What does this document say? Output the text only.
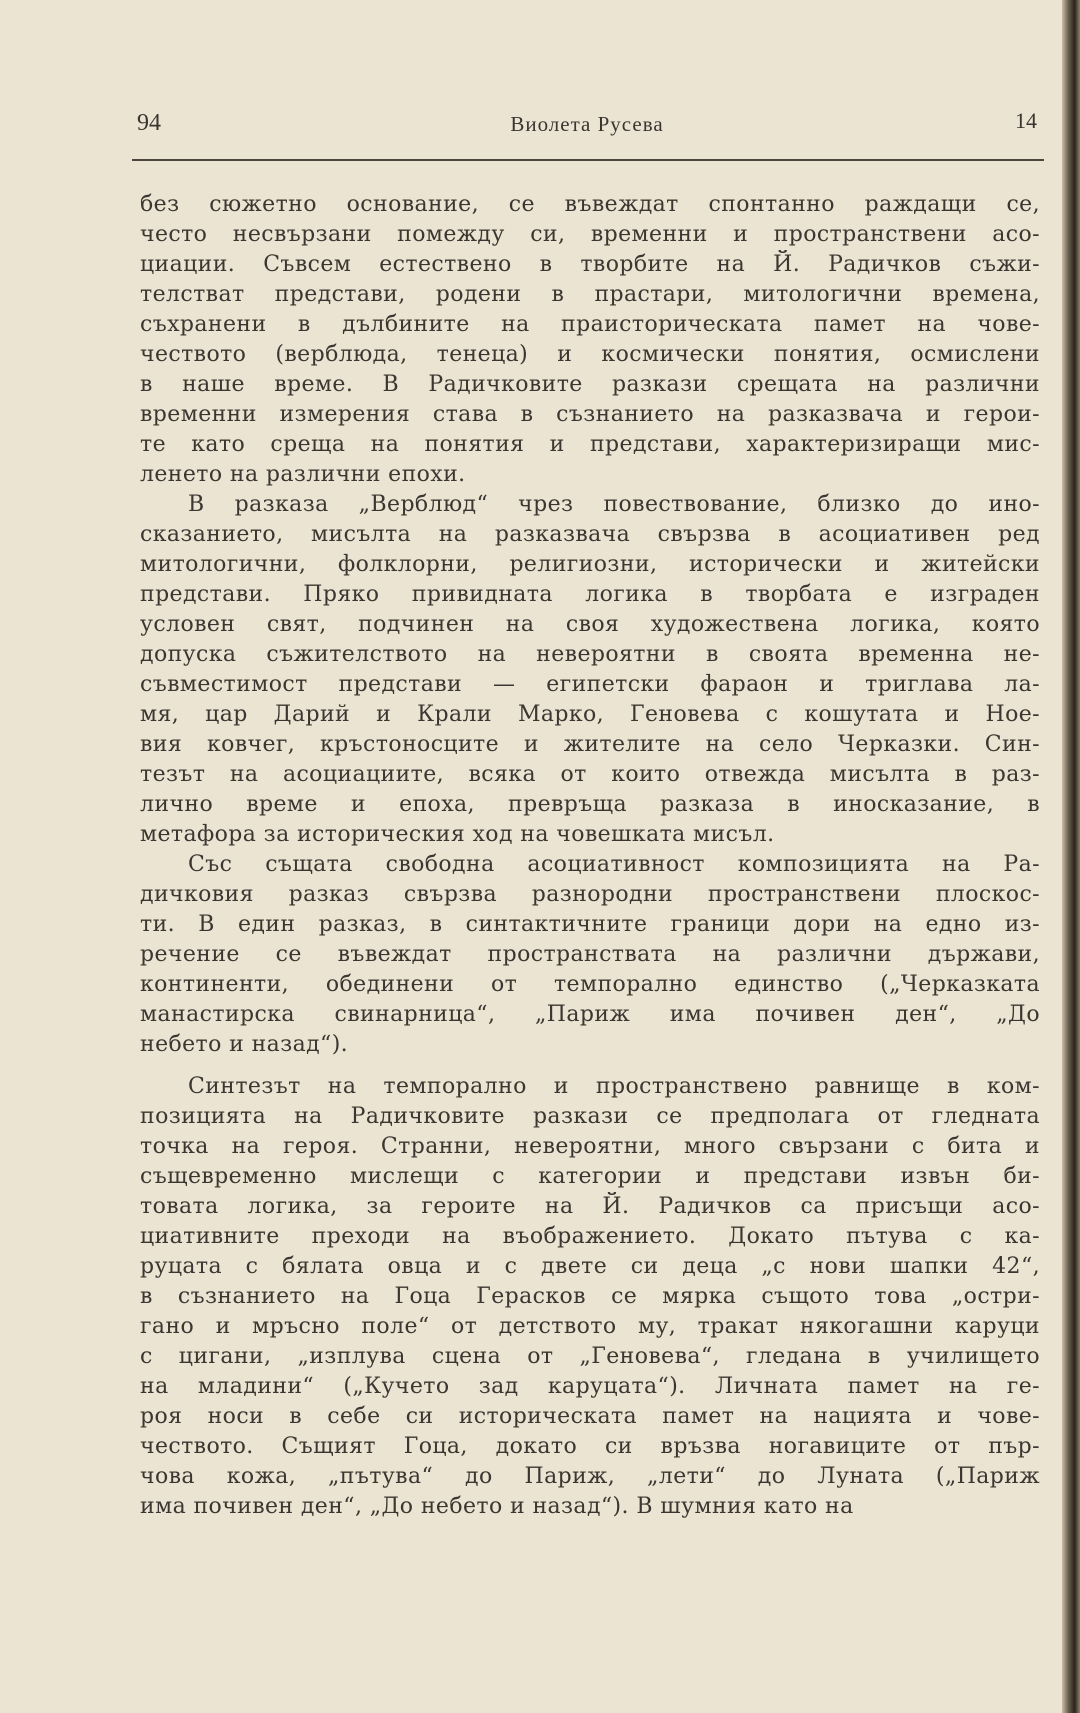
94	Виолета Русева	14
без сюжетно основание, се въвеждат спонтанно раждащи се,
често несвързани помежду си, временни и пространствени асо-
циации. Съвсем естествено в творбите на Й. Радичков съжи-
телстват представи, родени в прастари, митологични времена,
съхранени в дълбините на праисторическата памет на чове-
чеството (верблюда, тенеца) и космически понятия, осмислени
в наше време. В Радичковите разкази срещата на различни
временни измерения става в съзнанието на разказвача и герои-
те като среща на понятия и представи, характеризиращи мис-
ленето на различни епохи.
В разказа „Верблюд“ чрез повествование, близко до ино-
сказанието, мисълта на разказвача свързва в асоциативен ред
митологични, фолклорни, религиозни, исторически и житейски
представи. Пряко привидната логика в творбата е изграден
условен свят, подчинен на своя художествена логика, която
допуска съжителството на невероятни в своята временна не-
съвместимост представи — египетски фараон и триглава ла-
мя, цар Дарий и Крали Марко, Геновева с кошутата и Ное-
вия ковчег, кръстоносците и жителите на село Черказки. Син-
тезът на асоциациите, всяка от които отвежда мисълта в раз-
лично време и епоха, превръща разказа в иносказание, в
метафора за историческия ход на човешката мисъл.
Със същата свободна асоциативност композицията на Ра-
дичковия разказ свързва разнородни пространствени плоскос-
ти. В един разказ, в синтактичните граници дори на едно из-
речение се въвеждат пространствата на различни държави,
континенти, обединени от темпорално единство („Черказката
манастирска свинарница“, „Париж има почивен ден“, „До
небето и назад“).
Синтезът на темпорално и пространствено равнище в ком-
позицията на Радичковите разкази се предполага от гледната
точка на героя. Странни, невероятни, много свързани с бита и
същевременно мислещи с категории и представи извън би-
товата логика, за героите на Й. Радичков са присъщи асо-
циативните преходи на въображението. Докато пътува с ка-
руцата с бялата овца и с двете си деца „с нови шапки 42“,
в съзнанието на Гоца Герасков се мярка същото това „остри-
гано и мръсно поле“ от детството му, тракат някогашни каруци
с цигани, „изплува сцена от „Геновева“, гледана в училището
на младини“ („Кучето зад каруцата“). Личната памет на ге-
роя носи в себе си историческата памет на нацията и чове-
чеството. Същият Гоца, докато си връзва ногавиците от пър-
чова кожа, „пътува“ до Париж, „лети“ до Луната („Париж
има почивен ден“, „До небето и назад“). В шумния като на
